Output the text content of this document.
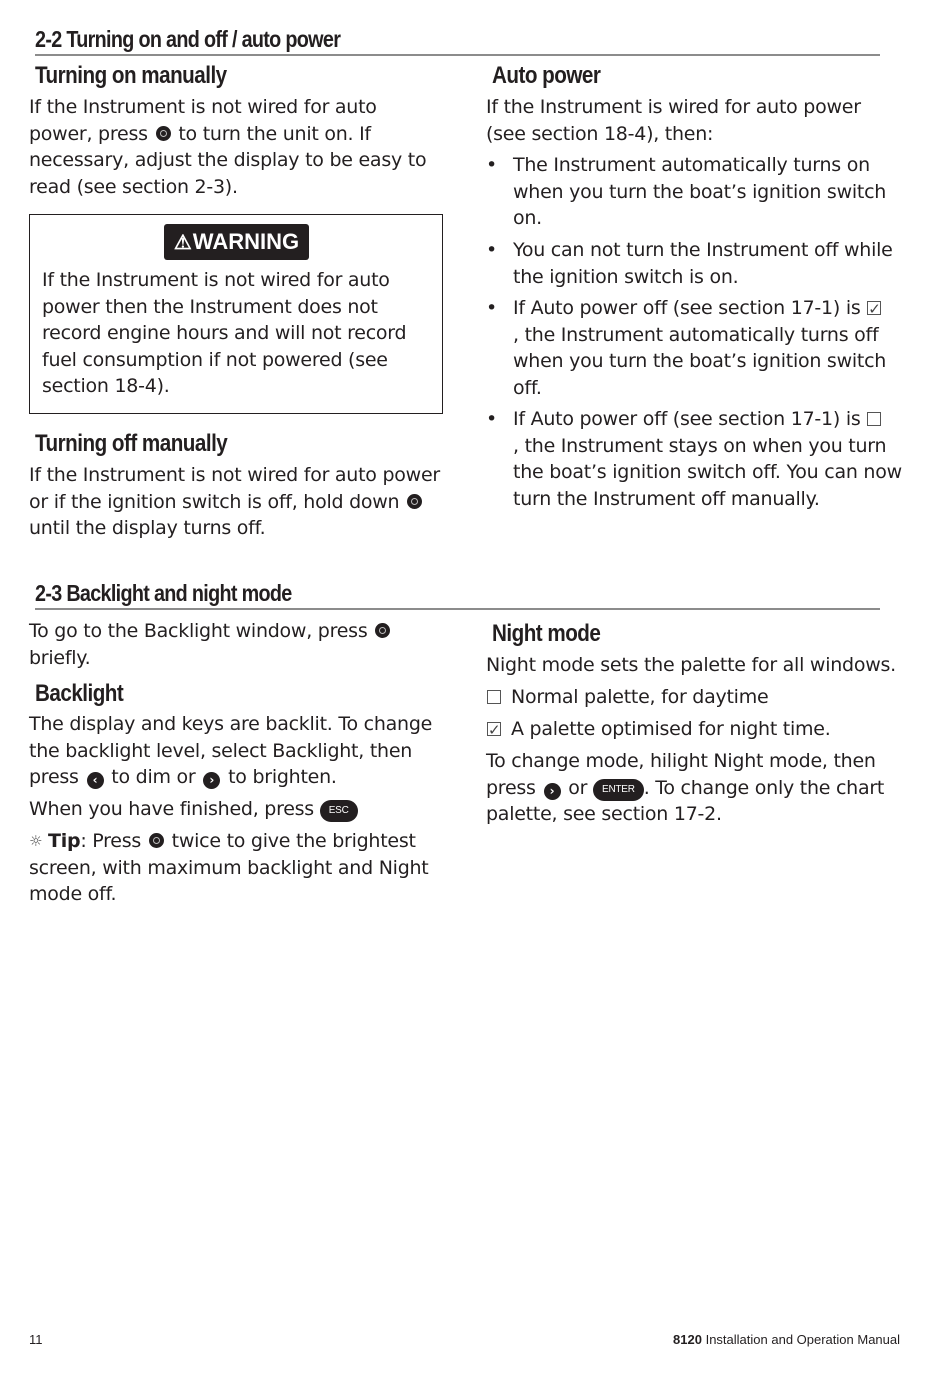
2-2 Turning on and off / auto power
Turning on manually

If the Instrument is not wired for auto power, press to turn the unit on. If necessary, adjust the display to be easy to read (see section 2-3).

⚠WARNING

If the Instrument is not wired for auto power then the Instrument does not record engine hours and will not record fuel consumption if not powered (see section 18-4).

Turning off manually

If the Instrument is not wired for auto power or if the ignition switch is off, hold down
until the display turns off.

Auto power

If the Instrument is wired for auto power (see section 18-4), then:

• The Instrument automatically turns on when you turn the boat’s ignition switch on.
• You can not turn the Instrument off while the ignition switch is on.
• If Auto power off (see section 17-1) is ✓
, the Instrument automatically turns off when you turn the boat’s ignition switch off.
• If Auto power off (see section 17-1) is
, the Instrument stays on when you turn the boat’s ignition switch off. You can now turn the Instrument off manually.
2-3 Backlight and night mode

To go to the Backlight window, press
briefly.

Backlight

The display and keys are backlit. To change the backlight level, select Backlight, then press ‹ to dim or › to brighten.

When you have finished, press ESC

☼ Tip: Press twice to give the brightest screen, with maximum backlight and Night mode off.

Night mode

Night mode sets the palette for all windows.

Normal palette, for daytime
✓A palette optimised for night time.

To change mode, hilight Night mode, then press › or ENTER . To change only the chart palette, see section 17-2.

11	8120 Installation and Operation Manual
